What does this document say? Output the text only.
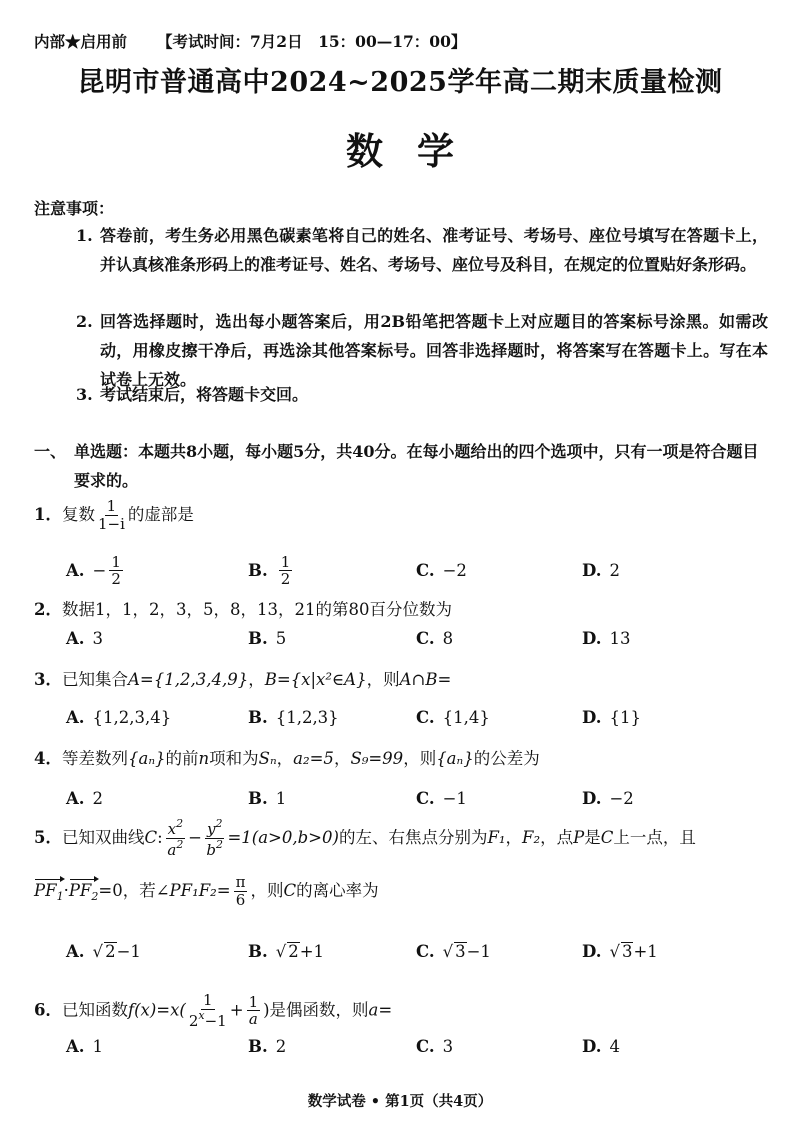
内部★启用前 【考试时间：7月2日　15：00—17：00】
昆明市普通高中2024~2025学年高二期末质量检测
数学
注意事项：
1. 答卷前，考生务必用黑色碳素笔将自己的姓名、准考证号、考场号、座位号填写在答题卡上，并认真核准条形码上的准考证号、姓名、考场号、座位号及科目，在规定的位置贴好条形码。
2. 回答选择题时，选出每小题答案后，用2B铅笔把答题卡上对应题目的答案标号涂黑。如需改动，用橡皮擦干净后，再选涂其他答案标号。回答非选择题时，将答案写在答题卡上。写在本试卷上无效。
3. 考试结束后，将答题卡交回。
一、 单选题：本题共8小题，每小题5分，共40分。在每小题给出的四个选项中，只有一项是符合题目要求的。
1．复数 $\frac{1}{1-i}$ 的虚部是
A. − $\frac{1}{2}$	B. $\frac{1}{2}$	C. −2	D. 2
2．数据1，1，2，3，5，8，13，21的第80百分位数为
A. 3	B. 5	C. 8	D. 13
3．已知集合A={1,2,3,4,9}，B={x|x²∈A}，则A∩B=
A. {1,2,3,4}	B. {1,2,3}	C. {1,4}	D. {1}
4．等差数列{aₙ}的前n项和为Sₙ，a₂=5，S₉=99，则{aₙ}的公差为
A. 2	B. 1	C. −1	D. −2
5．已知双曲线C: $\frac{x^2}{a^2} - \frac{y^2}{b^2} =1(a>0,b>0)$的左、右焦点分别为F₁，F₂，点P是C上一点，且
$PF_1\cdot PF_2=0$，若∠PF₁F₂= $\frac{\pi}{6}$ ，则C的离心率为
A. √ 2 −1	B. √ 2 +1	C. √ 3 −1	D. √ 3 +1
6．已知函数$f(x)=x( \frac{1}{2^x-1} + \frac{1}{a}$ )是偶函数，则a=
A. 1	B. 2	C. 3	D. 4
数学试卷 • 第1页（共4页）
